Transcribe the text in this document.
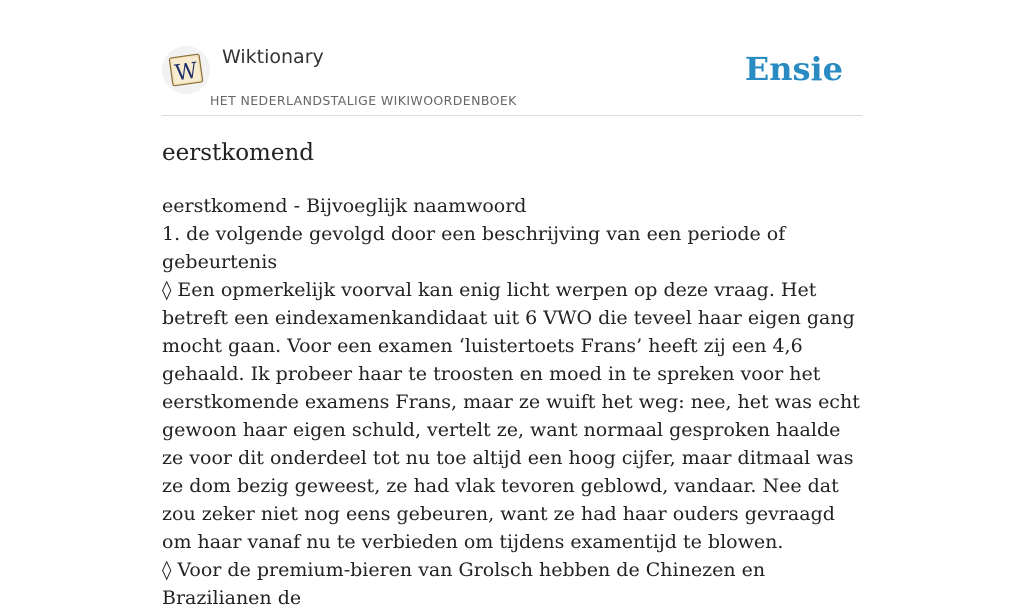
W
Wiktionary
HET NEDERLANDSTALIGE WIKIWOORDENBOEK
Ensie
eerstkomend

eerstkomend - Bijvoeglijk naamwoord

1. de volgende gevolgd door een beschrijving van een periode of gebeurtenis

◊ Een opmerkelijk voorval kan enig licht werpen op deze vraag. Het betreft een eindexamenkandidaat uit 6 VWO die teveel haar eigen gang mocht gaan. Voor een examen ‘luistertoets Frans’ heeft zij een 4,6 gehaald. Ik probeer haar te troosten en moed in te spreken voor het eerstkomende examens Frans, maar ze wuift het weg: nee, het was echt gewoon haar eigen schuld, vertelt ze, want normaal gesproken haalde ze voor dit onderdeel tot nu toe altijd een hoog cijfer, maar ditmaal was ze dom bezig geweest, ze had vlak tevoren geblowd, vandaar. Nee dat zou zeker niet nog eens gebeuren, want ze had haar ouders gevraagd om haar vanaf nu te verbieden om tijdens examentijd te blowen.

◊ Voor de premium-bieren van Grolsch hebben de Chinezen en Brazilianen de
